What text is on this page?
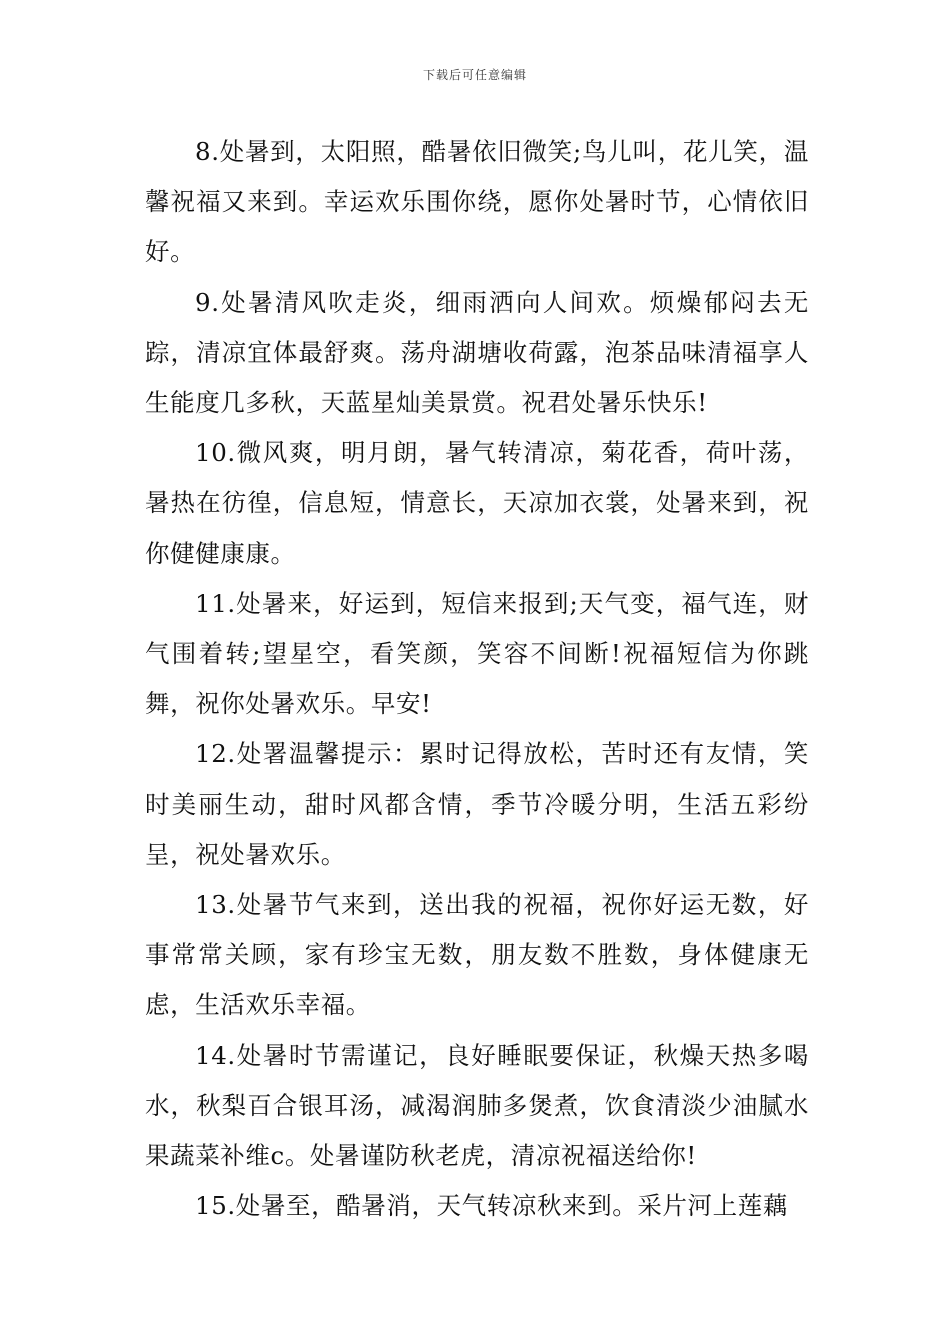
下载后可任意编辑

8.处暑到，太阳照，酷暑依旧微笑;鸟儿叫，花儿笑，温馨祝福又来到。幸运欢乐围你绕，愿你处暑时节，心情依旧好。

9.处暑清风吹走炎，细雨洒向人间欢。烦燥郁闷去无踪，清凉宜体最舒爽。荡舟湖塘收荷露，泡茶品味清福享人生能度几多秋，天蓝星灿美景赏。祝君处暑乐快乐!

10.微风爽，明月朗，暑气转清凉，菊花香，荷叶荡，暑热在彷徨，信息短，情意长，天凉加衣裳，处暑来到，祝你健健康康。

11.处暑来，好运到，短信来报到;天气变，福气连，财气围着转;望星空，看笑颜，笑容不间断!祝福短信为你跳舞，祝你处暑欢乐。早安!

12.处署温馨提示：累时记得放松，苦时还有友情，笑时美丽生动，甜时风都含情，季节冷暖分明，生活五彩纷呈，祝处暑欢乐。

13.处暑节气来到，送出我的祝福，祝你好运无数，好事常常关顾，家有珍宝无数，朋友数不胜数，身体健康无虑，生活欢乐幸福。

14.处暑时节需谨记，良好睡眠要保证，秋燥天热多喝水，秋梨百合银耳汤，减渴润肺多煲煮，饮食清淡少油腻水果蔬菜补维c。处暑谨防秋老虎，清凉祝福送给你!

15.处暑至，酷暑消，天气转凉秋来到。采片河上莲藕
